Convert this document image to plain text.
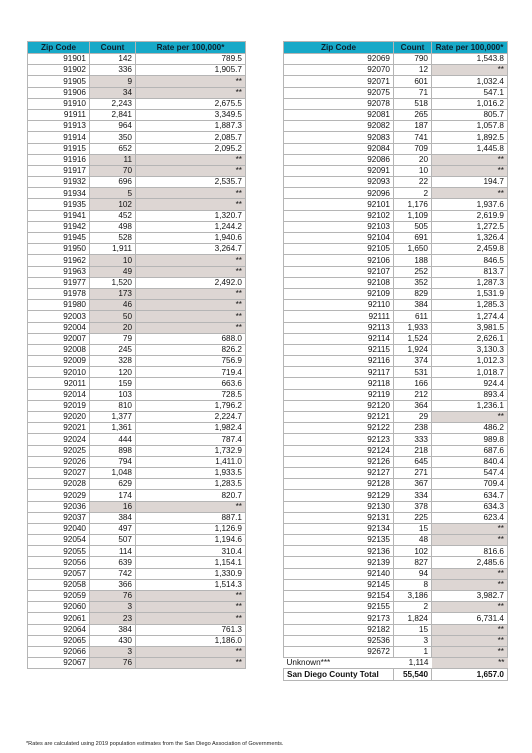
Zip Code	Count	Rate per 100,000*
91901	142	789.5
91902	336	1,905.7
91905	9	**
91906	34	**
91910	2,243	2,675.5
91911	2,841	3,349.5
91913	964	1,887.3
91914	350	2,085.7
91915	652	2,095.2
91916	11	**
91917	70	**
91932	696	2,535.7
91934	5	**
91935	102	**
91941	452	1,320.7
91942	498	1,244.2
91945	528	1,940.6
91950	1,911	3,264.7
91962	10	**
91963	49	**
91977	1,520	2,492.0
91978	173	**
91980	46	**
92003	50	**
92004	20	**
92007	79	688.0
92008	245	826.2
92009	328	756.9
92010	120	719.4
92011	159	663.6
92014	103	728.5
92019	810	1,796.2
92020	1,377	2,224.7
92021	1,361	1,982.4
92024	444	787.4
92025	898	1,732.9
92026	794	1,411.0
92027	1,048	1,933.5
92028	629	1,283.5
92029	174	820.7
92036	16	**
92037	384	887.1
92040	497	1,126.9
92054	507	1,194.6
92055	114	310.4
92056	639	1,154.1
92057	742	1,330.9
92058	366	1,514.3
92059	76	**
92060	3	**
92061	23	**
92064	384	761.3
92065	430	1,186.0
92066	3	**
92067	76	**
Zip Code	Count	Rate per 100,000*
92069	790	1,543.8
92070	12	**
92071	601	1,032.4
92075	71	547.1
92078	518	1,016.2
92081	265	805.7
92082	187	1,057.8
92083	741	1,892.5
92084	709	1,445.8
92086	20	**
92091	10	**
92093	22	194.7
92096	2	**
92101	1,176	1,937.6
92102	1,109	2,619.9
92103	505	1,272.5
92104	691	1,326.4
92105	1,650	2,459.8
92106	188	846.5
92107	252	813.7
92108	352	1,287.3
92109	829	1,531.9
92110	384	1,285.3
92111	611	1,274.4
92113	1,933	3,981.5
92114	1,524	2,626.1
92115	1,924	3,130.3
92116	374	1,012.3
92117	531	1,018.7
92118	166	924.4
92119	212	893.4
92120	364	1,236.1
92121	29	**
92122	238	486.2
92123	333	989.8
92124	218	687.6
92126	645	840.4
92127	271	547.4
92128	367	709.4
92129	334	634.7
92130	378	634.3
92131	225	623.4
92134	15	**
92135	48	**
92136	102	816.6
92139	827	2,485.6
92140	94	**
92145	8	**
92154	3,186	3,982.7
92155	2	**
92173	1,824	6,731.4
92182	15	**
92536	3	**
92672	1	**
Unknown***	1,114	**
San Diego County Total	55,540	1,657.0
*Rates are calculated using 2019 population estimates from the San Diego Association of Governments.
